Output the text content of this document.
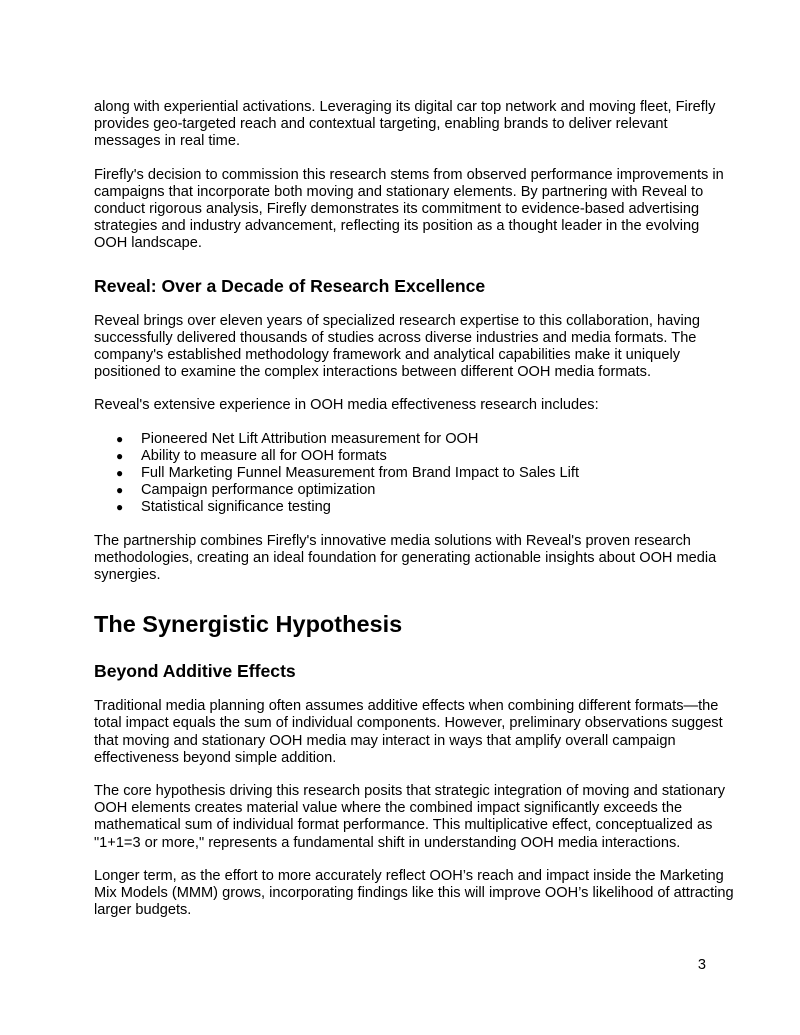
along with experiential activations. Leveraging its digital car top network and moving fleet, Firefly provides geo-targeted reach and contextual targeting, enabling brands to deliver relevant messages in real time.

Firefly's decision to commission this research stems from observed performance improvements in campaigns that incorporate both moving and stationary elements. By partnering with Reveal to conduct rigorous analysis, Firefly demonstrates its commitment to evidence-based advertising strategies and industry advancement, reflecting its position as a thought leader in the evolving OOH landscape.

Reveal: Over a Decade of Research Excellence

Reveal brings over eleven years of specialized research expertise to this collaboration, having successfully delivered thousands of studies across diverse industries and media formats. The company's established methodology framework and analytical capabilities make it uniquely positioned to examine the complex interactions between different OOH media formats.

Reveal's extensive experience in OOH media effectiveness research includes:

● Pioneered Net Lift Attribution measurement for OOH
● Ability to measure all for OOH formats
● Full Marketing Funnel Measurement from Brand Impact to Sales Lift
● Campaign performance optimization
● Statistical significance testing

The partnership combines Firefly's innovative media solutions with Reveal's proven research methodologies, creating an ideal foundation for generating actionable insights about OOH media synergies.

The Synergistic Hypothesis
Beyond Additive Effects

Traditional media planning often assumes additive effects when combining different formats—the total impact equals the sum of individual components. However, preliminary observations suggest that moving and stationary OOH media may interact in ways that amplify overall campaign effectiveness beyond simple addition.

The core hypothesis driving this research posits that strategic integration of moving and stationary OOH elements creates material value where the combined impact significantly exceeds the mathematical sum of individual format performance. This multiplicative effect, conceptualized as "1+1=3 or more," represents a fundamental shift in understanding OOH media interactions.

Longer term, as the effort to more accurately reflect OOH’s reach and impact inside the Marketing Mix Models (MMM) grows, incorporating findings like this will improve OOH’s likelihood of attracting larger budgets.

3
